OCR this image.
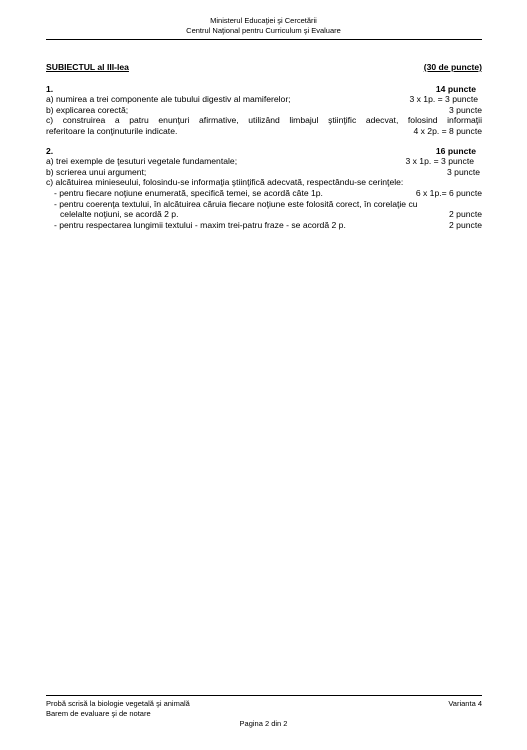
Ministerul Educaţiei şi Cercetării
Centrul Naţional pentru Curriculum şi Evaluare
SUBIECTUL al III-lea	(30 de puncte)
1.	14 puncte
a) numirea a trei componente ale tubului digestiv al mamiferelor;	3 x 1p. = 3 puncte
b) explicarea corectă;	3 puncte
c) construirea a patru enunţuri afirmative, utilizând limbajul ştiinţific adecvat, folosind informaţii
referitoare la conţinuturile indicate.	4 x 2p. = 8 puncte
2.	16 puncte
a) trei exemple de ţesuturi vegetale fundamentale;	3 x 1p. = 3 puncte
b) scrierea unui argument;	3 puncte
c) alcătuirea minieseului, folosindu-se informaţia ştiinţifică adecvată, respectându-se cerinţele:
- pentru fiecare noţiune enumerată, specifică temei, se acordă câte 1p.	6 x 1p.= 6 puncte
- pentru coerenţa textului, în alcătuirea căruia fiecare noţiune este folosită corect, în corelaţie cu
celelalte noţiuni, se acordă 2 p.	2 puncte
- pentru respectarea lungimii textului - maxim trei-patru fraze - se acordă 2 p.	2 puncte
Probă scrisă la biologie vegetală şi animală	Varianta 4
Barem de evaluare şi de notare
Pagina 2 din 2
